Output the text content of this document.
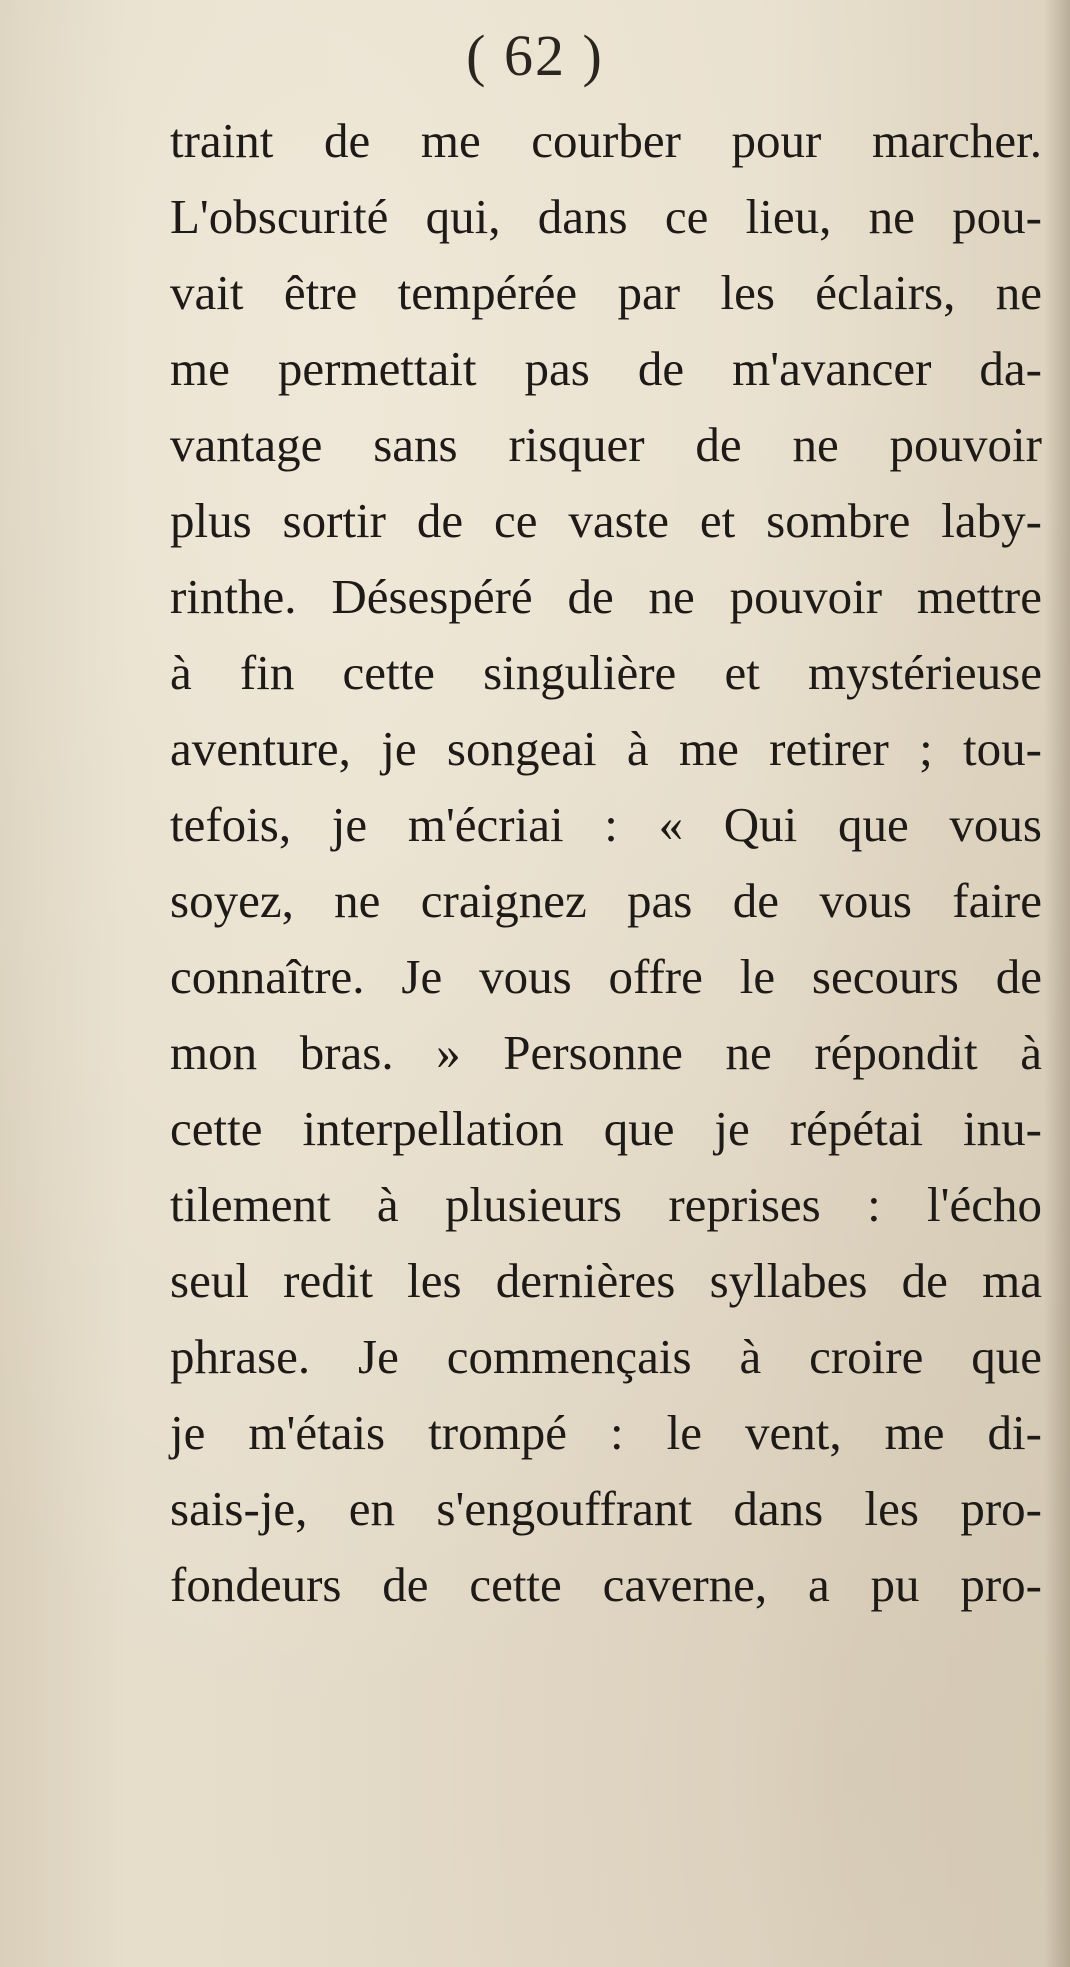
( 62 )
traint de me courber pour marcher.
L'obscurité qui, dans ce lieu, ne pou-
vait être tempérée par les éclairs, ne
me permettait pas de m'avancer da-
vantage sans risquer de ne pouvoir
plus sortir de ce vaste et sombre laby-
rinthe. Désespéré de ne pouvoir mettre
à fin cette singulière et mystérieuse
aventure, je songeai à me retirer ; tou-
tefois, je m'écriai : « Qui que vous
soyez, ne craignez pas de vous faire
connaître. Je vous offre le secours de
mon bras. » Personne ne répondit à
cette interpellation que je répétai inu-
tilement à plusieurs reprises : l'écho
seul redit les dernières syllabes de ma
phrase. Je commençais à croire que
je m'étais trompé : le vent, me di-
sais-je, en s'engouffrant dans les pro-
fondeurs de cette caverne, a pu pro-
